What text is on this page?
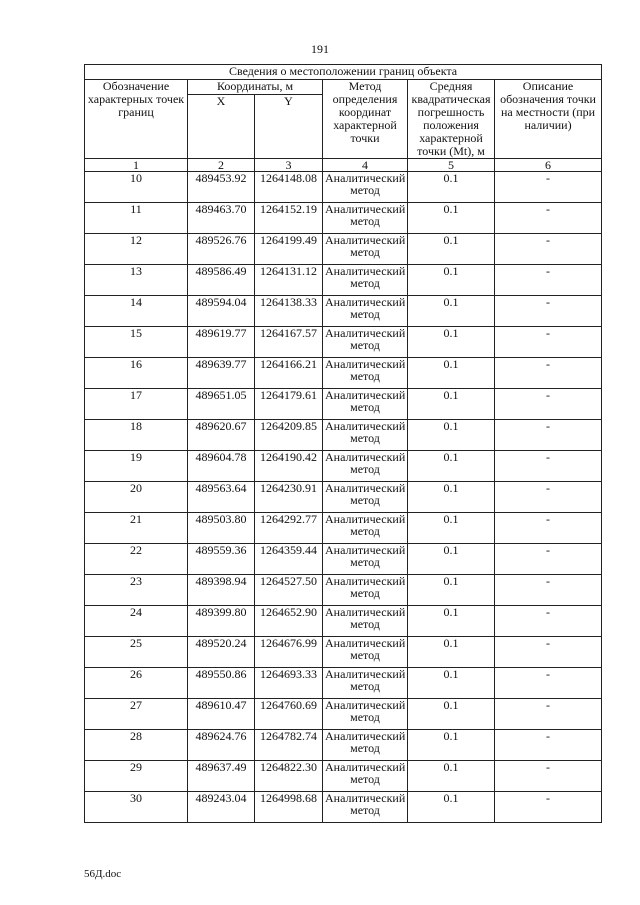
191
Сведения о местоположении границ объекта					
Обозначение характерных точек границ	Координаты, м		Метод определения координат характерной точки	Средняя квадратическая погрешность положения характерной точки (Мt), м	Описание обозначения точки на местности (при наличии)
	X	Y			
1	2	3	4	5	6
10	489453.92	1264148.08	Аналитический метод	0.1	-
11	489463.70	1264152.19	Аналитический метод	0.1	-
12	489526.76	1264199.49	Аналитический метод	0.1	-
13	489586.49	1264131.12	Аналитический метод	0.1	-
14	489594.04	1264138.33	Аналитический метод	0.1	-
15	489619.77	1264167.57	Аналитический метод	0.1	-
16	489639.77	1264166.21	Аналитический метод	0.1	-
17	489651.05	1264179.61	Аналитический метод	0.1	-
18	489620.67	1264209.85	Аналитический метод	0.1	-
19	489604.78	1264190.42	Аналитический метод	0.1	-
20	489563.64	1264230.91	Аналитический метод	0.1	-
21	489503.80	1264292.77	Аналитический метод	0.1	-
22	489559.36	1264359.44	Аналитический метод	0.1	-
23	489398.94	1264527.50	Аналитический метод	0.1	-
24	489399.80	1264652.90	Аналитический метод	0.1	-
25	489520.24	1264676.99	Аналитический метод	0.1	-
26	489550.86	1264693.33	Аналитический метод	0.1	-
27	489610.47	1264760.69	Аналитический метод	0.1	-
28	489624.76	1264782.74	Аналитический метод	0.1	-
29	489637.49	1264822.30	Аналитический метод	0.1	-
30	489243.04	1264998.68	Аналитический метод	0.1	-
56Д.doc
